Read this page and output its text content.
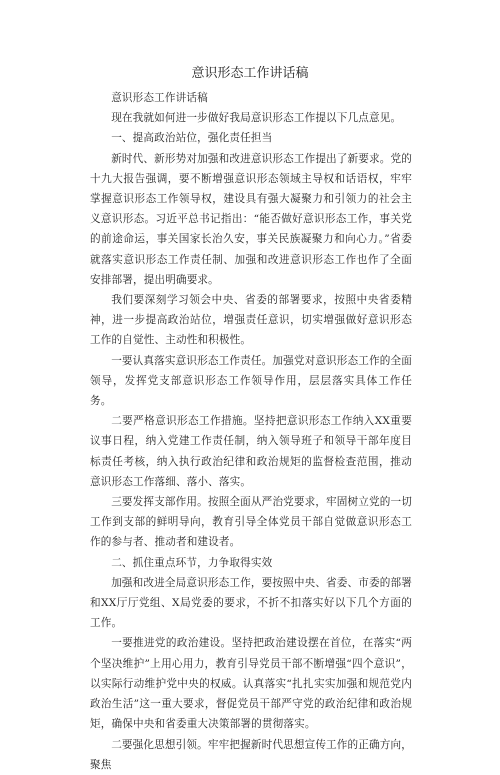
意识形态工作讲话稿

意识形态工作讲话稿

现在我就如何进一步做好我局意识形态工作提以下几点意见。

一、提高政治站位，强化责任担当

新时代、新形势对加强和改进意识形态工作提出了新要求。党的十九大报告强调，要不断增强意识形态领域主导权和话语权，牢牢掌握意识形态工作领导权，建设具有强大凝聚力和引领力的社会主义意识形态。习近平总书记指出：“能否做好意识形态工作，事关党的前途命运，事关国家长治久安，事关民族凝聚力和向心力。”省委就落实意识形态工作责任制、加强和改进意识形态工作也作了全面安排部署，提出明确要求。

我们要深刻学习领会中央、省委的部署要求，按照中央省委精神，进一步提高政治站位，增强责任意识，切实增强做好意识形态工作的自觉性、主动性和积极性。

一要认真落实意识形态工作责任。加强党对意识形态工作的全面领导，发挥党支部意识形态工作领导作用，层层落实具体工作任务。

二要严格意识形态工作措施。坚持把意识形态工作纳入XX重要议事日程，纳入党建工作责任制，纳入领导班子和领导干部年度目标责任考核，纳入执行政治纪律和政治规矩的监督检查范围，推动意识形态工作落细、落小、落实。

三要发挥支部作用。按照全面从严治党要求，牢固树立党的一切工作到支部的鲜明导向，教育引导全体党员干部自觉做意识形态工作的参与者、推动者和建设者。

二、抓住重点环节，力争取得实效

加强和改进全局意识形态工作，要按照中央、省委、市委的部署和XX厅厅党组、X局党委的要求，不折不扣落实好以下几个方面的工作。

一要推进党的政治建设。坚持把政治建设摆在首位，在落实“两个坚决维护”上用心用力，教育引导党员干部不断增强“四个意识”，以实际行动维护党中央的权威。认真落实“扎扎实实加强和规范党内政治生活”这一重大要求，督促党员干部严守党的政治纪律和政治规矩，确保中央和省委重大决策部署的贯彻落实。

二要强化思想引领。牢牢把握新时代思想宣传工作的正确方向，聚焦
